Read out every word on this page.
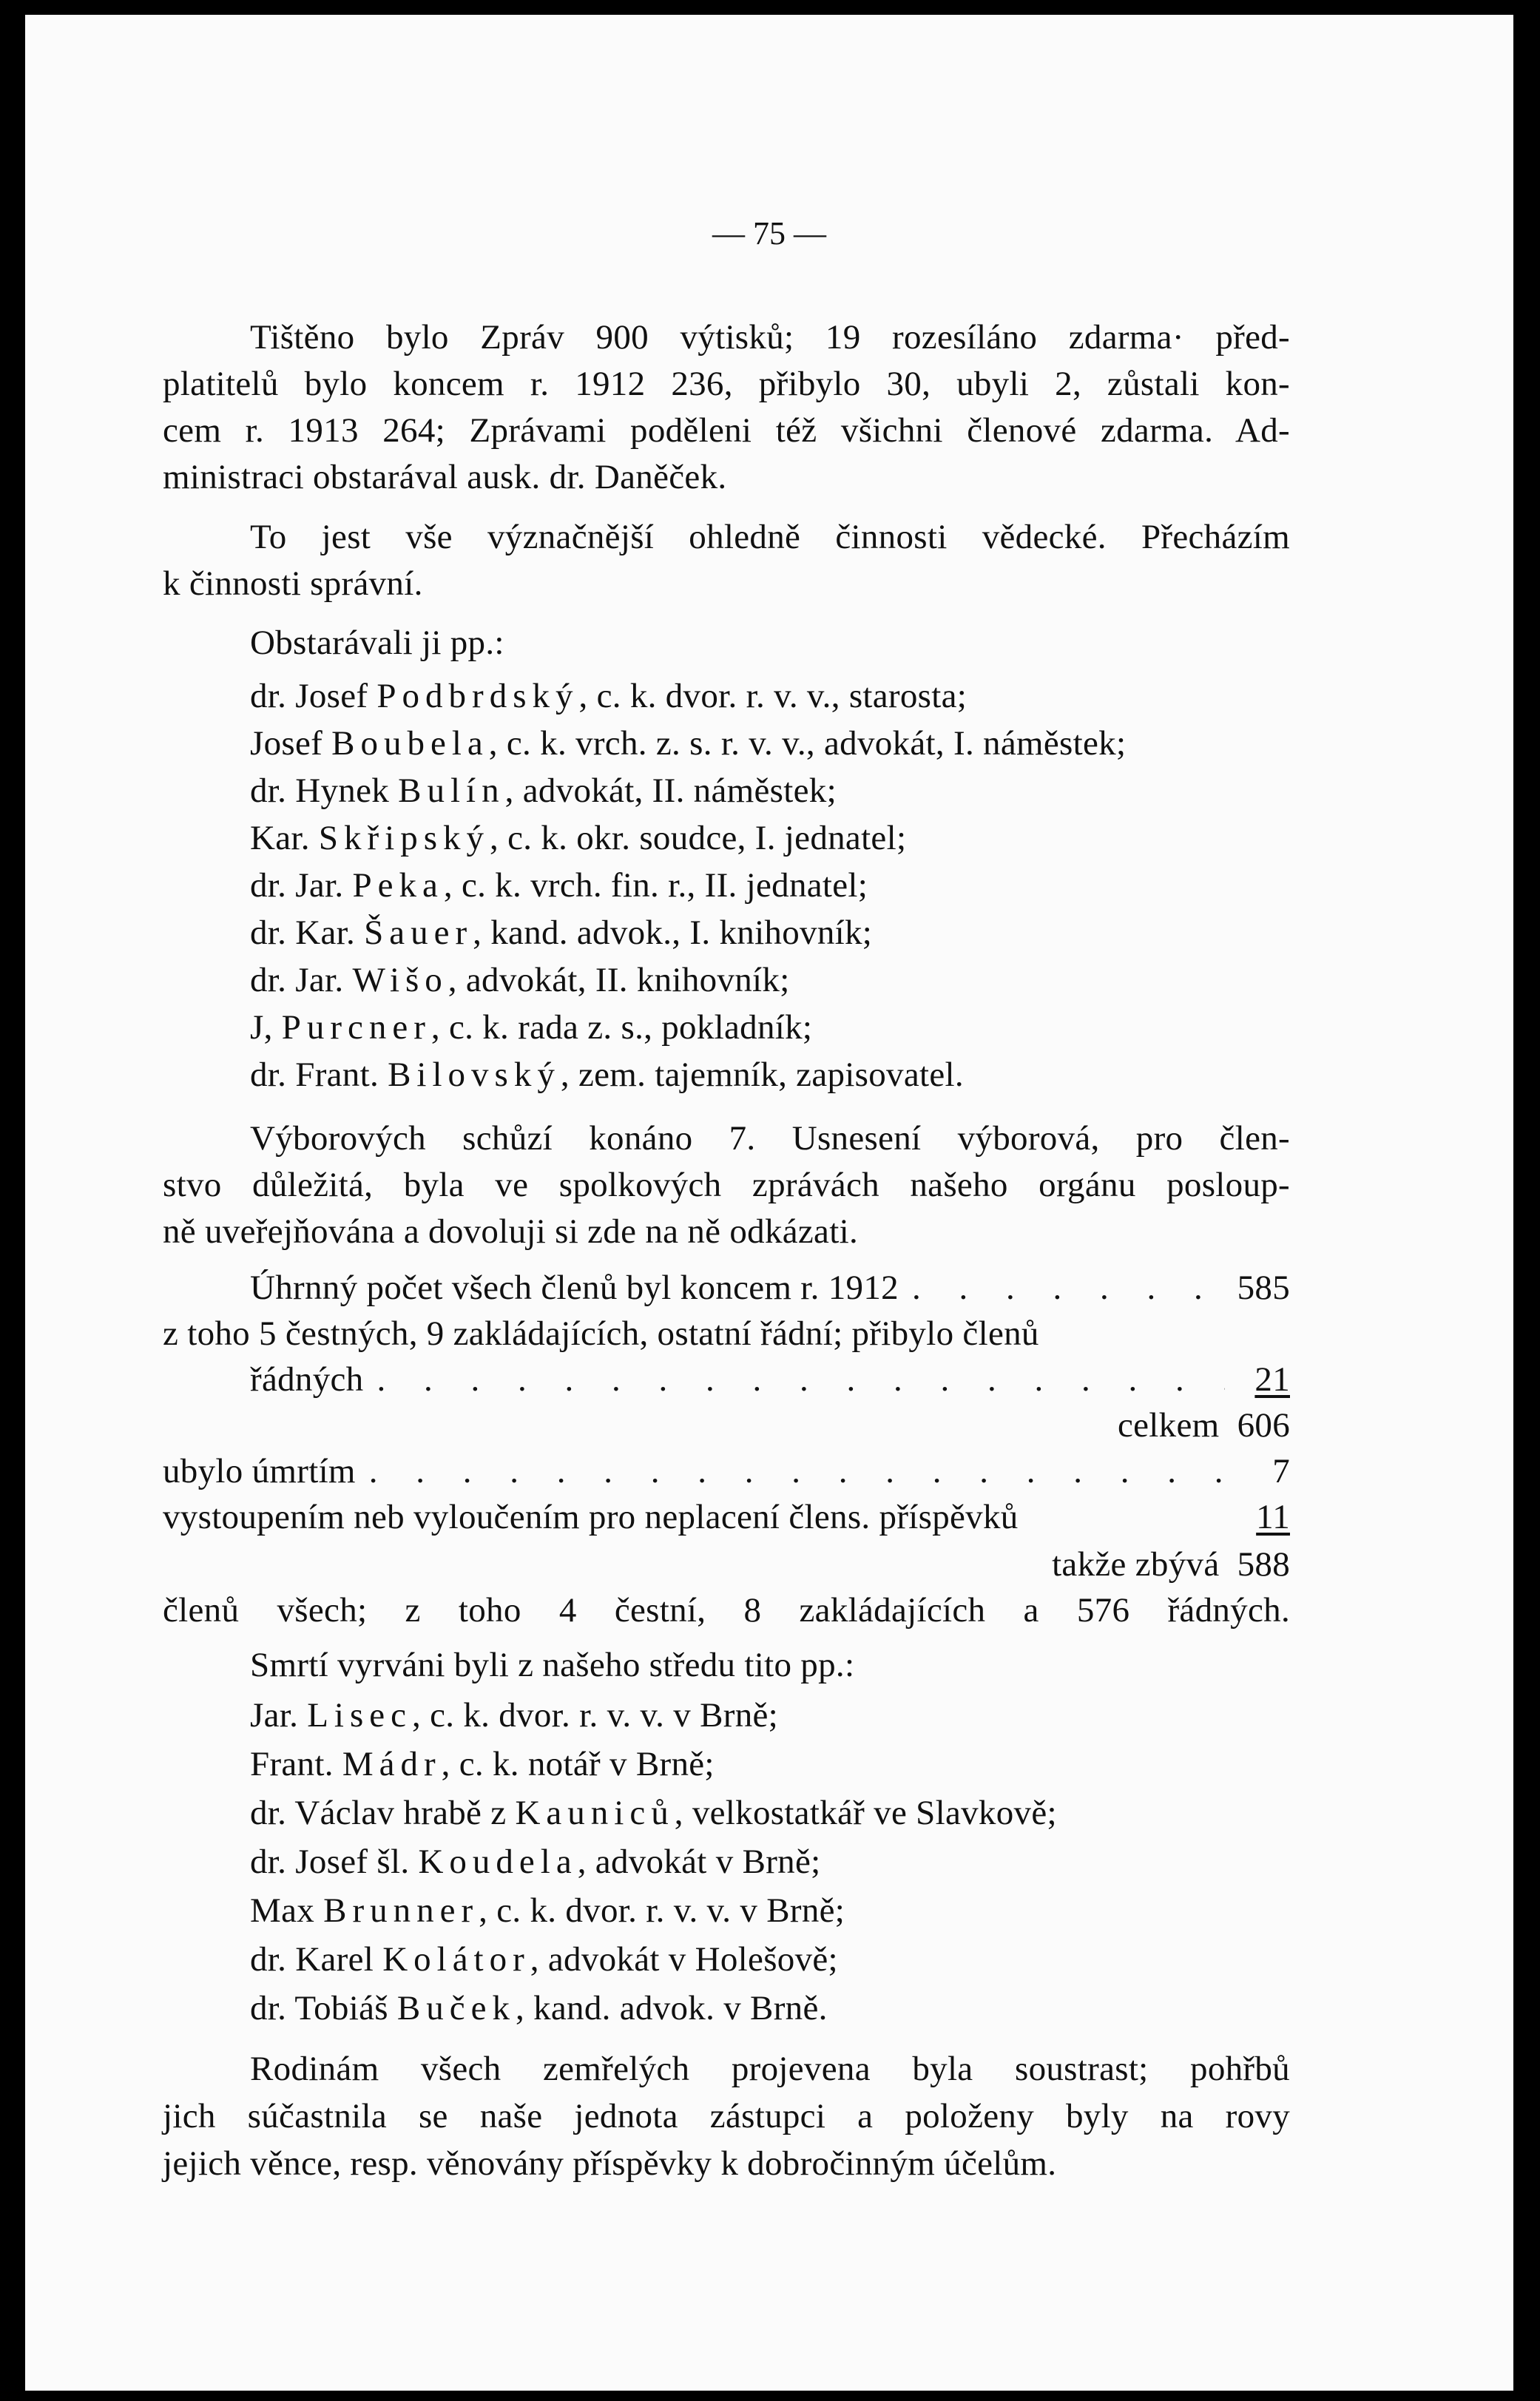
— 75 —
Tištěno bylo Zpráv 900 výtisků; 19 rozesíláno zdarma· před-
platitelů bylo koncem r. 1912 236, přibylo 30, ubyli 2, zůstali kon-
cem r. 1913 264; Zprávami poděleni též všichni členové zdarma. Ad-
ministraci obstarával ausk. dr. Daněček.
To jest vše význačnější ohledně činnosti vědecké. Přecházím
k činnosti správní.
Obstarávali ji pp.:
dr. Josef Podbrdský, c. k. dvor. r. v. v., starosta;
Josef Boubela, c. k. vrch. z. s. r. v. v., advokát, I. náměstek;
dr. Hynek Bulín, advokát, II. náměstek;
Kar. Skřipský, c. k. okr. soudce, I. jednatel;
dr. Jar. Peka, c. k. vrch. fin. r., II. jednatel;
dr. Kar. Šauer, kand. advok., I. knihovník;
dr. Jar. Wišo, advokát, II. knihovník;
J, Purcner, c. k. rada z. s., pokladník;
dr. Frant. Bilovský, zem. tajemník, zapisovatel.
Výborových schůzí konáno 7. Usnesení výborová, pro člen-
stvo důležitá, byla ve spolkových zprávách našeho orgánu posloup-
ně uveřejňována a dovoluji si zde na ně odkázati.
Úhrnný počet všech členů byl koncem r. 1912 . . .	585
z toho 5 čestných, 9 zakládajících, ostatní řádní; přibylo členů
řádných . . .	21
celkem 606
ubylo úmrtím . . .	7
vystoupením neb vyloučením pro neplacení člens. příspěvků	11
takže zbývá 588
členů všech; z toho 4 čestní, 8 zakládajících a 576 řádných.
Smrtí vyrváni byli z našeho středu tito pp.:
Jar. Lisec, c. k. dvor. r. v. v. v Brně;
Frant. Mádr, c. k. notář v Brně;
dr. Václav hrabě z Kauniců, velkostatkář ve Slavkově;
dr. Josef šl. Koudela, advokát v Brně;
Max Brunner, c. k. dvor. r. v. v. v Brně;
dr. Karel Kolátor, advokát v Holešově;
dr. Tobiáš Buček, kand. advok. v Brně.
Rodinám všech zemřelých projevena byla soustrast; pohřbů
jich súčastnila se naše jednota zástupci a položeny byly na rovy
jejich věnce, resp. věnovány příspěvky k dobročinným účelům.
